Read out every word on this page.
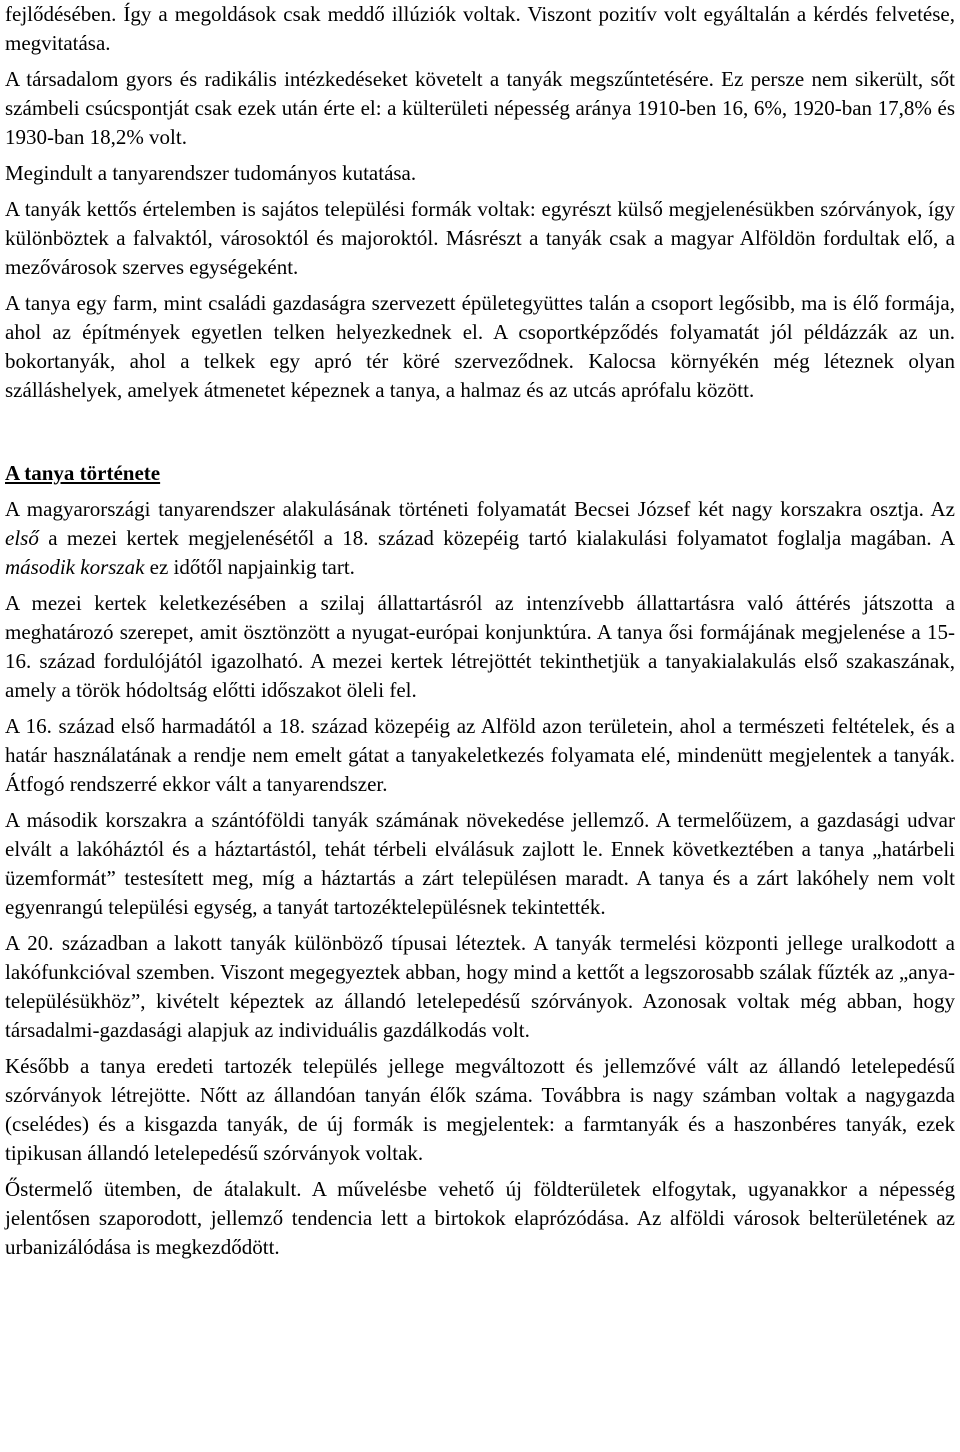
fejlődésében. Így a megoldások csak meddő illúziók voltak. Viszont pozitív volt egyáltalán a kérdés felvetése, megvitatása.

A társadalom gyors és radikális intézkedéseket követelt a tanyák megszűntetésére. Ez persze nem sikerült, sőt számbeli csúcspontját csak ezek után érte el: a külterületi népesség aránya 1910-ben 16, 6%, 1920-ban 17,8% és 1930-ban 18,2% volt.

Megindult a tanyarendszer tudományos kutatása.

A tanyák kettős értelemben is sajátos települési formák voltak: egyrészt külső megjelenésükben szórványok, így különböztek a falvaktól, városoktól és majoroktól. Másrészt a tanyák csak a magyar Alföldön fordultak elő, a mezővárosok szerves egységeként.

A tanya egy farm, mint családi gazdaságra szervezett épületegyüttes talán a csoport legősibb, ma is élő formája, ahol az építmények egyetlen telken helyezkednek el. A csoportképződés folyamatát jól példázzák az un. bokortanyák, ahol a telkek egy apró tér köré szerveződnek. Kalocsa környékén még léteznek olyan szálláshelyek, amelyek átmenetet képeznek a tanya, a halmaz és az utcás aprófalu között.

A tanya története

A magyarországi tanyarendszer alakulásának történeti folyamatát Becsei József két nagy korszakra osztja. Az első a mezei kertek megjelenésétől a 18. század közepéig tartó kialakulási folyamatot foglalja magában. A második korszak ez időtől napjainkig tart.

A mezei kertek keletkezésében a szilaj állattartásról az intenzívebb állattartásra való áttérés játszotta a meghatározó szerepet, amit ösztönzött a nyugat-európai konjunktúra. A tanya ősi formájának megjelenése a 15-16. század fordulójától igazolható. A mezei kertek létrejöttét tekinthetjük a tanyakialakulás első szakaszának, amely a török hódoltság előtti időszakot öleli fel.

A 16. század első harmadától a 18. század közepéig az Alföld azon területein, ahol a természeti feltételek, és a határ használatának a rendje nem emelt gátat a tanyakeletkezés folyamata elé, mindenütt megjelentek a tanyák. Átfogó rendszerré ekkor vált a tanyarendszer.

A második korszakra a szántóföldi tanyák számának növekedése jellemző. A termelőüzem, a gazdasági udvar elvált a lakóháztól és a háztartástól, tehát térbeli elválásuk zajlott le. Ennek következtében a tanya „határbeli üzemformát” testesített meg, míg a háztartás a zárt településen maradt. A tanya és a zárt lakóhely nem volt egyenrangú települési egység, a tanyát tartozéktelepülésnek tekintették.

A 20. században a lakott tanyák különböző típusai léteztek. A tanyák termelési központi jellege uralkodott a lakófunkcióval szemben. Viszont megegyeztek abban, hogy mind a kettőt a legszorosabb szálak fűzték az „anya-településükhöz”, kivételt képeztek az állandó letelepedésű szórványok. Azonosak voltak még abban, hogy társadalmi-gazdasági alapjuk az individuális gazdálkodás volt.

Később a tanya eredeti tartozék település jellege megváltozott és jellemzővé vált az állandó letelepedésű szórványok létrejötte. Nőtt az állandóan tanyán élők száma. Továbbra is nagy számban voltak a nagygazda (cselédes) és a kisgazda tanyák, de új formák is megjelentek: a farmtanyák és a haszonbéres tanyák, ezek tipikusan állandó letelepedésű szórványok voltak.

Őstermelő ütemben, de átalakult. A művelésbe vehető új földterületek elfogytak, ugyanakkor a népesség jelentősen szaporodott, jellemző tendencia lett a birtokok elaprózódása. Az alföldi városok belterületének az urbanizálódása is megkezdődött.
